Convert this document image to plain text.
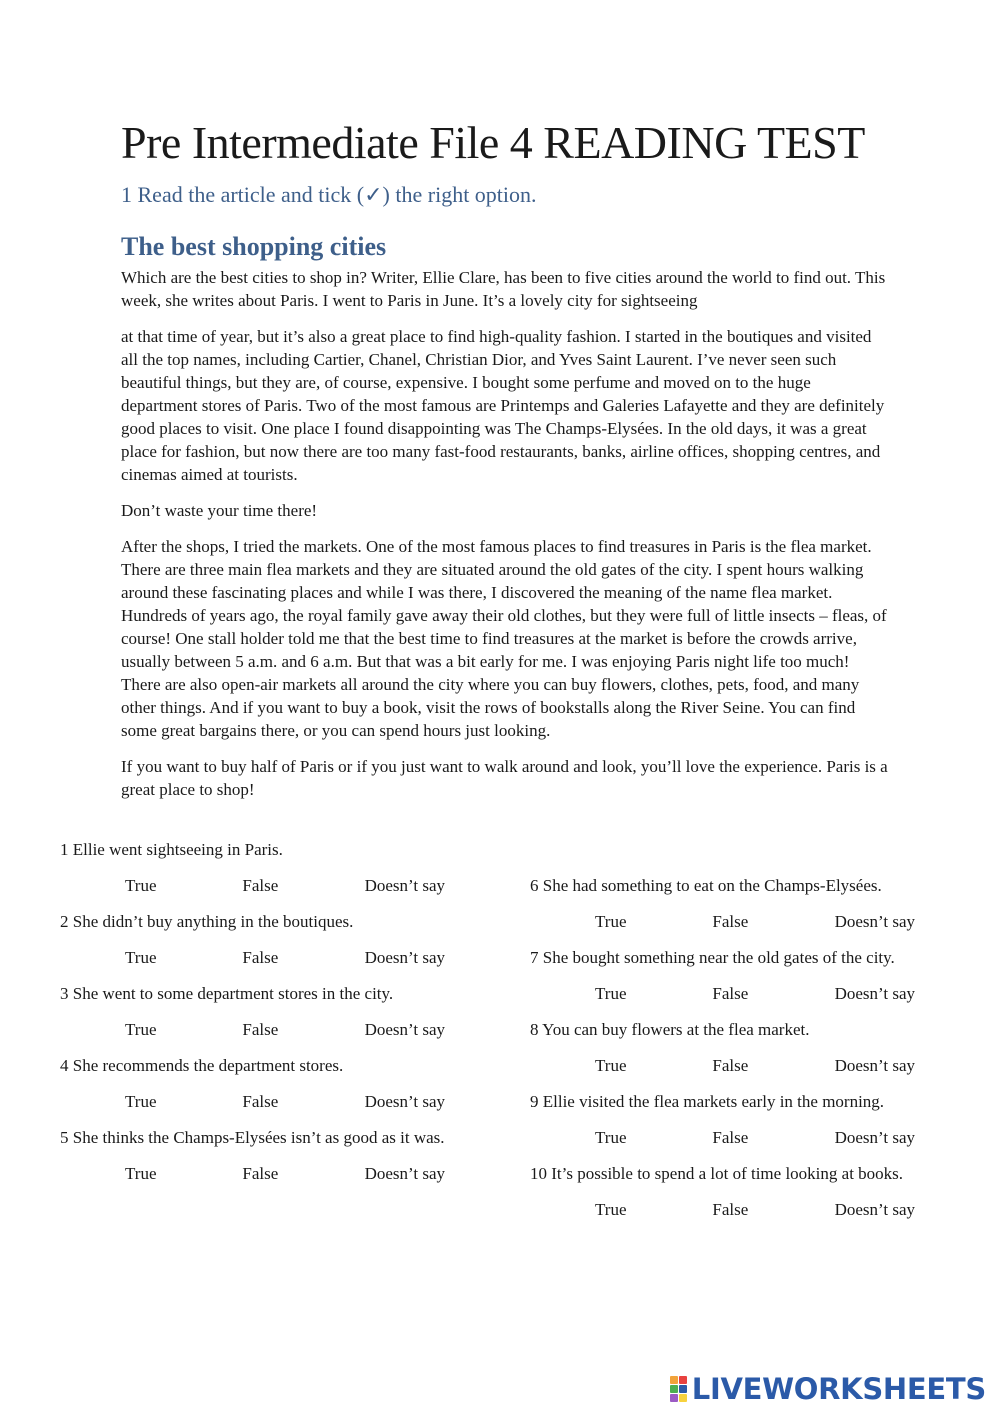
Pre Intermediate File 4 READING TEST

1 Read the article and tick (✓) the right option.

The best shopping cities

Which are the best cities to shop in? Writer, Ellie Clare, has been to five cities around the world to find out. This week, she writes about Paris. I went to Paris in June. It’s a lovely city for sightseeing

at that time of year, but it’s also a great place to find high-quality fashion. I started in the boutiques and visited all the top names, including Cartier, Chanel, Christian Dior, and Yves Saint Laurent. I’ve never seen such beautiful things, but they are, of course, expensive. I bought some perfume and moved on to the huge department stores of Paris. Two of the most famous are Printemps and Galeries Lafayette and they are definitely good places to visit. One place I found disappointing was The Champs-Elysées. In the old days, it was a great place for fashion, but now there are too many fast-food restaurants, banks, airline offices, shopping centres, and cinemas aimed at tourists.

Don’t waste your time there!

After the shops, I tried the markets. One of the most famous places to find treasures in Paris is the flea market. There are three main flea markets and they are situated around the old gates of the city. I spent hours walking around these fascinating places and while I was there, I discovered the meaning of the name flea market. Hundreds of years ago, the royal family gave away their old clothes, but they were full of little insects – fleas, of course! One stall holder told me that the best time to find treasures at the market is before the crowds arrive, usually between 5 a.m. and 6 a.m. But that was a bit early for me. I was enjoying Paris night life too much! There are also open-air markets all around the city where you can buy flowers, clothes, pets, food, and many other things. And if you want to buy a book, visit the rows of bookstalls along the River Seine. You can find some great bargains there, or you can spend hours just looking.

If you want to buy half of Paris or if you just want to walk around and look, you’ll love the experience. Paris is a great place to shop!

1 Ellie went sightseeing in Paris.

True	False	Doesn’t say

2 She didn’t buy anything in the boutiques.

True	False	Doesn’t say

3 She went to some department stores in the city.

True	False	Doesn’t say

4 She recommends the department stores.

True	False	Doesn’t say

5 She thinks the Champs-Elysées isn’t as good as it was.

True	False	Doesn’t say

6 She had something to eat on the Champs-Elysées.

True	False	Doesn’t say

7 She bought something near the old gates of the city.

True	False	Doesn’t say

8 You can buy flowers at the flea market.

True	False	Doesn’t say

9 Ellie visited the flea markets early in the morning.

True	False	Doesn’t say

10 It’s possible to spend a lot of time looking at books.

True	False	Doesn’t say
LIVEWORKSHEETS
